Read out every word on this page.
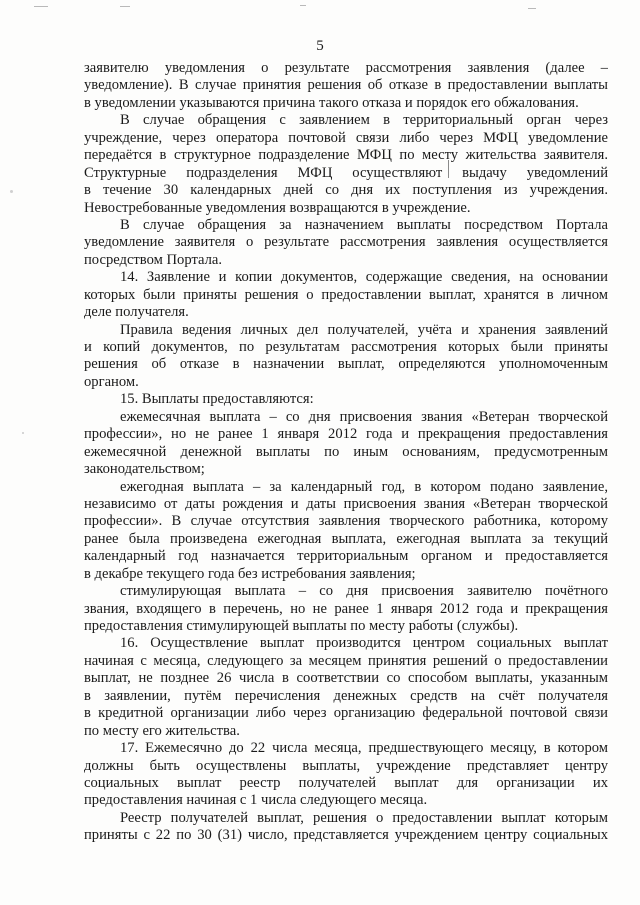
5
заявителю уведомления о результате рассмотрения заявления (далее –
уведомление). В случае принятия решения об отказе в предоставлении выплаты
в уведомлении указываются причина такого отказа и порядок его обжалования.
В случае обращения с заявлением в территориальный орган через
учреждение, через оператора почтовой связи либо через МФЦ уведомление
передаётся в структурное подразделение МФЦ по месту жительства заявителя.
Структурные подразделения МФЦ осуществляют выдачу уведомлений
в течение 30 календарных дней со дня их поступления из учреждения.
Невостребованные уведомления возвращаются в учреждение.
В случае обращения за назначением выплаты посредством Портала
уведомление заявителя о результате рассмотрения заявления осуществляется
посредством Портала.
14. Заявление и копии документов, содержащие сведения, на основании
которых были приняты решения о предоставлении выплат, хранятся в личном
деле получателя.
Правила ведения личных дел получателей, учёта и хранения заявлений
и копий документов, по результатам рассмотрения которых были приняты
решения об отказе в назначении выплат, определяются уполномоченным
органом.
15. Выплаты предоставляются:
ежемесячная выплата – со дня присвоения звания «Ветеран творческой
профессии», но не ранее 1 января 2012 года и прекращения предоставления
ежемесячной денежной выплаты по иным основаниям, предусмотренным
законодательством;
ежегодная выплата – за календарный год, в котором подано заявление,
независимо от даты рождения и даты присвоения звания «Ветеран творческой
профессии». В случае отсутствия заявления творческого работника, которому
ранее была произведена ежегодная выплата, ежегодная выплата за текущий
календарный год назначается территориальным органом и предоставляется
в декабре текущего года без истребования заявления;
стимулирующая выплата – со дня присвоения заявителю почётного
звания, входящего в перечень, но не ранее 1 января 2012 года и прекращения
предоставления стимулирующей выплаты по месту работы (службы).
16. Осуществление выплат производится центром социальных выплат
начиная с месяца, следующего за месяцем принятия решений о предоставлении
выплат, не позднее 26 числа в соответствии со способом выплаты, указанным
в заявлении, путём перечисления денежных средств на счёт получателя
в кредитной организации либо через организацию федеральной почтовой связи
по месту его жительства.
17. Ежемесячно до 22 числа месяца, предшествующего месяцу, в котором
должны быть осуществлены выплаты, учреждение представляет центру
социальных выплат реестр получателей выплат для организации их
предоставления начиная с 1 числа следующего месяца.
Реестр получателей выплат, решения о предоставлении выплат которым
приняты с 22 по 30 (31) число, представляется учреждением центру социальных
